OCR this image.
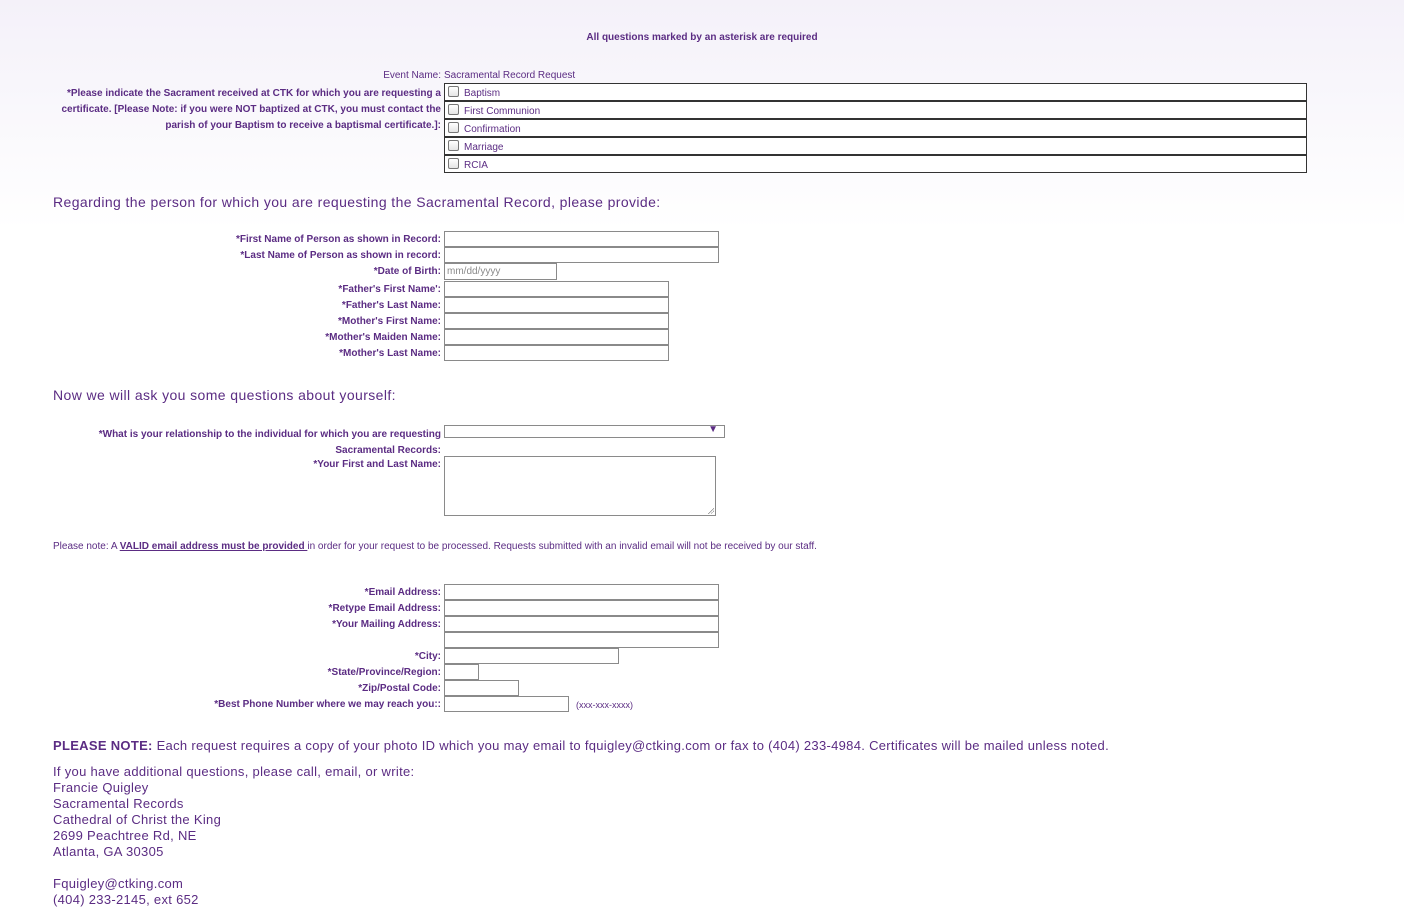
All questions marked by an asterisk are required
Event Name: Sacramental Record Request
*Please indicate the Sacrament received at CTK for which you are requesting a
certificate. [Please Note: if you were NOT baptized at CTK, you must contact the
parish of your Baptism to receive a baptismal certificate.]:
Baptism
First Communion
Confirmation
Marriage
RCIA
Regarding the person for which you are requesting the Sacramental Record, please provide:
*First Name of Person as shown in Record:
*Last Name of Person as shown in record:
*Date of Birth: mm/dd/yyyy
*Father's First Name':
*Father's Last Name:
*Mother's First Name:
*Mother's Maiden Name:
*Mother's Last Name:
Now we will ask you some questions about yourself:
*What is your relationship to the individual for which you are requesting
Sacramental Records:
▼
*Your First and Last Name:
Please note: A VALID email address must be provided in order for your request to be processed. Requests submitted with an invalid email will not be received by our staff.
*Email Address:
*Retype Email Address:
*Your Mailing Address:
*City:
*State/Province/Region:
*Zip/Postal Code:
*Best Phone Number where we may reach you::	(xxx-xxx-xxxx)
PLEASE NOTE: Each request requires a copy of your photo ID which you may email to fquigley@ctking.com or fax to (404) 233-4984. Certificates will be mailed unless noted.
If you have additional questions, please call, email, or write:
Francie Quigley
Sacramental Records
Cathedral of Christ the King
2699 Peachtree Rd, NE
Atlanta, GA 30305
Fquigley@ctking.com
(404) 233-2145, ext 652
